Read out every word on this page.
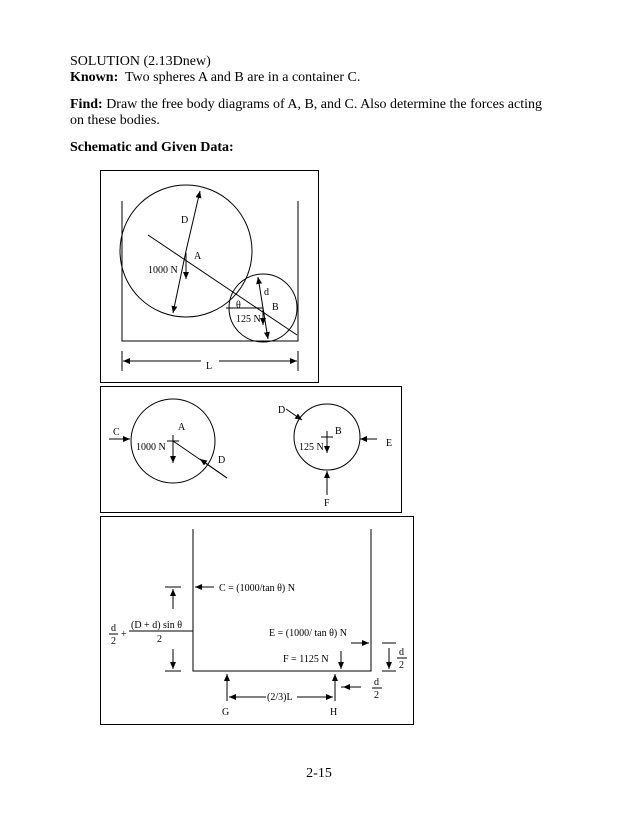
SOLUTION (2.13Dnew)
Known: Two spheres A and B are in a container C.
Find: Draw the free body diagrams of A, B, and C. Also determine the forces acting
on these bodies.
Schematic and Given Data:
D
A
1000 N
d
θ	B
125 N
L
C	A
1000 N
D
D
B
125 N	E
F
C = (1000/tan θ) N
E = (1000/ tan θ) N
F = 1125 N
d
2
+
(D + d) sin θ
2
d
2
d
2
(2/3)L
G	H
2-15
